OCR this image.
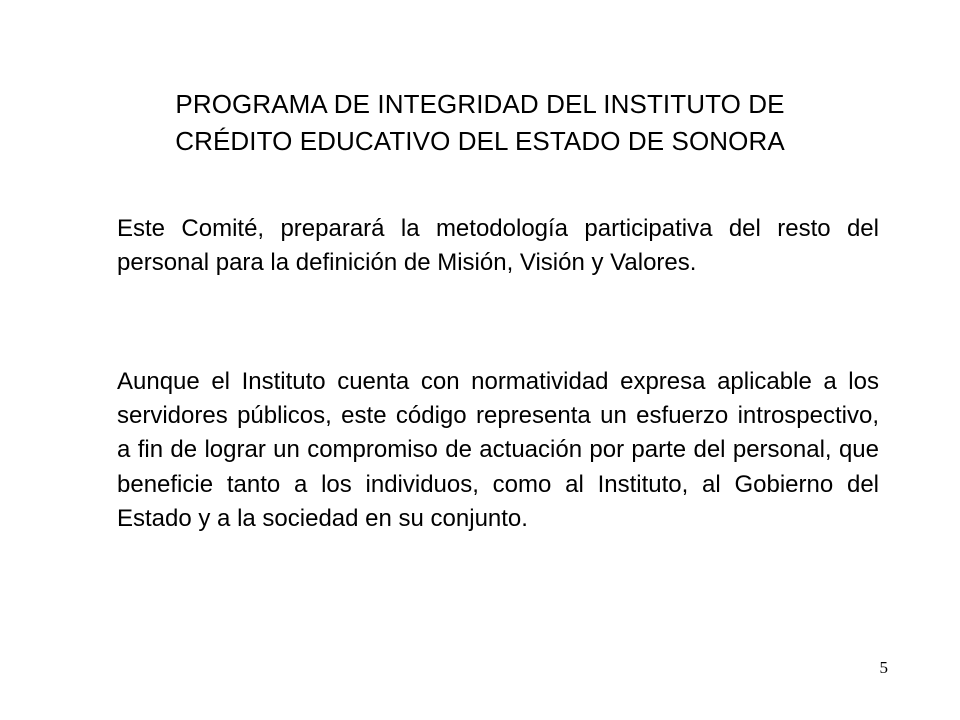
PROGRAMA DE INTEGRIDAD DEL INSTITUTO DE
CRÉDITO EDUCATIVO DEL ESTADO DE SONORA

Este Comité, preparará la metodología participativa del resto del personal para la definición de Misión, Visión y Valores.

Aunque el Instituto cuenta con normatividad expresa aplicable a los servidores públicos, este código representa un esfuerzo introspectivo, a fin de lograr un compromiso de actuación por parte del personal, que beneficie tanto a los individuos, como al Instituto, al Gobierno del Estado y a la sociedad en su conjunto.

5
